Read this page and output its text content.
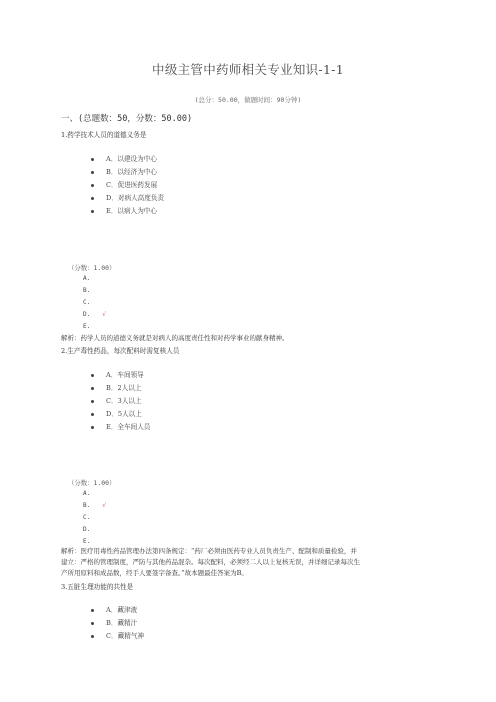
中级主管中药师相关专业知识-1-1
(总分：50.00，做题时间：90分钟)
一、(总题数：50，分数：50.00)
1.药学技术人员的道德义务是
A．以建设为中心
B．以经济为中心
C．促进医药发展
D．对病人高度负责
E．以病人为中心
（分数：1.00）
A.
B.
C.
D. √
E.
解析：药学人员的道德义务就是对病人的高度责任性和对药学事业的献身精神。
2.生产毒性药品，每次配料时需复核人员
A．车间领导
B．2人以上
C．3人以上
D．5人以上
E．全车间人员
（分数：1.00）
A.
B. √
C.
D.
E.
解析：医疗用毒性药品管理办法第四条规定：“药厂必须由医药专业人员负责生产、配制和质量检验，并
建立：严格的管理制度，严防与其他药品混杂。每次配料，必须经二人以上复核无误，并详细记录每次生
产所用原料和成品数，经手人要签字备查。”故本题最佳答案为B。
3.五脏生理功能的共性是
A．藏津液
B．藏精汁
C．藏精气神
